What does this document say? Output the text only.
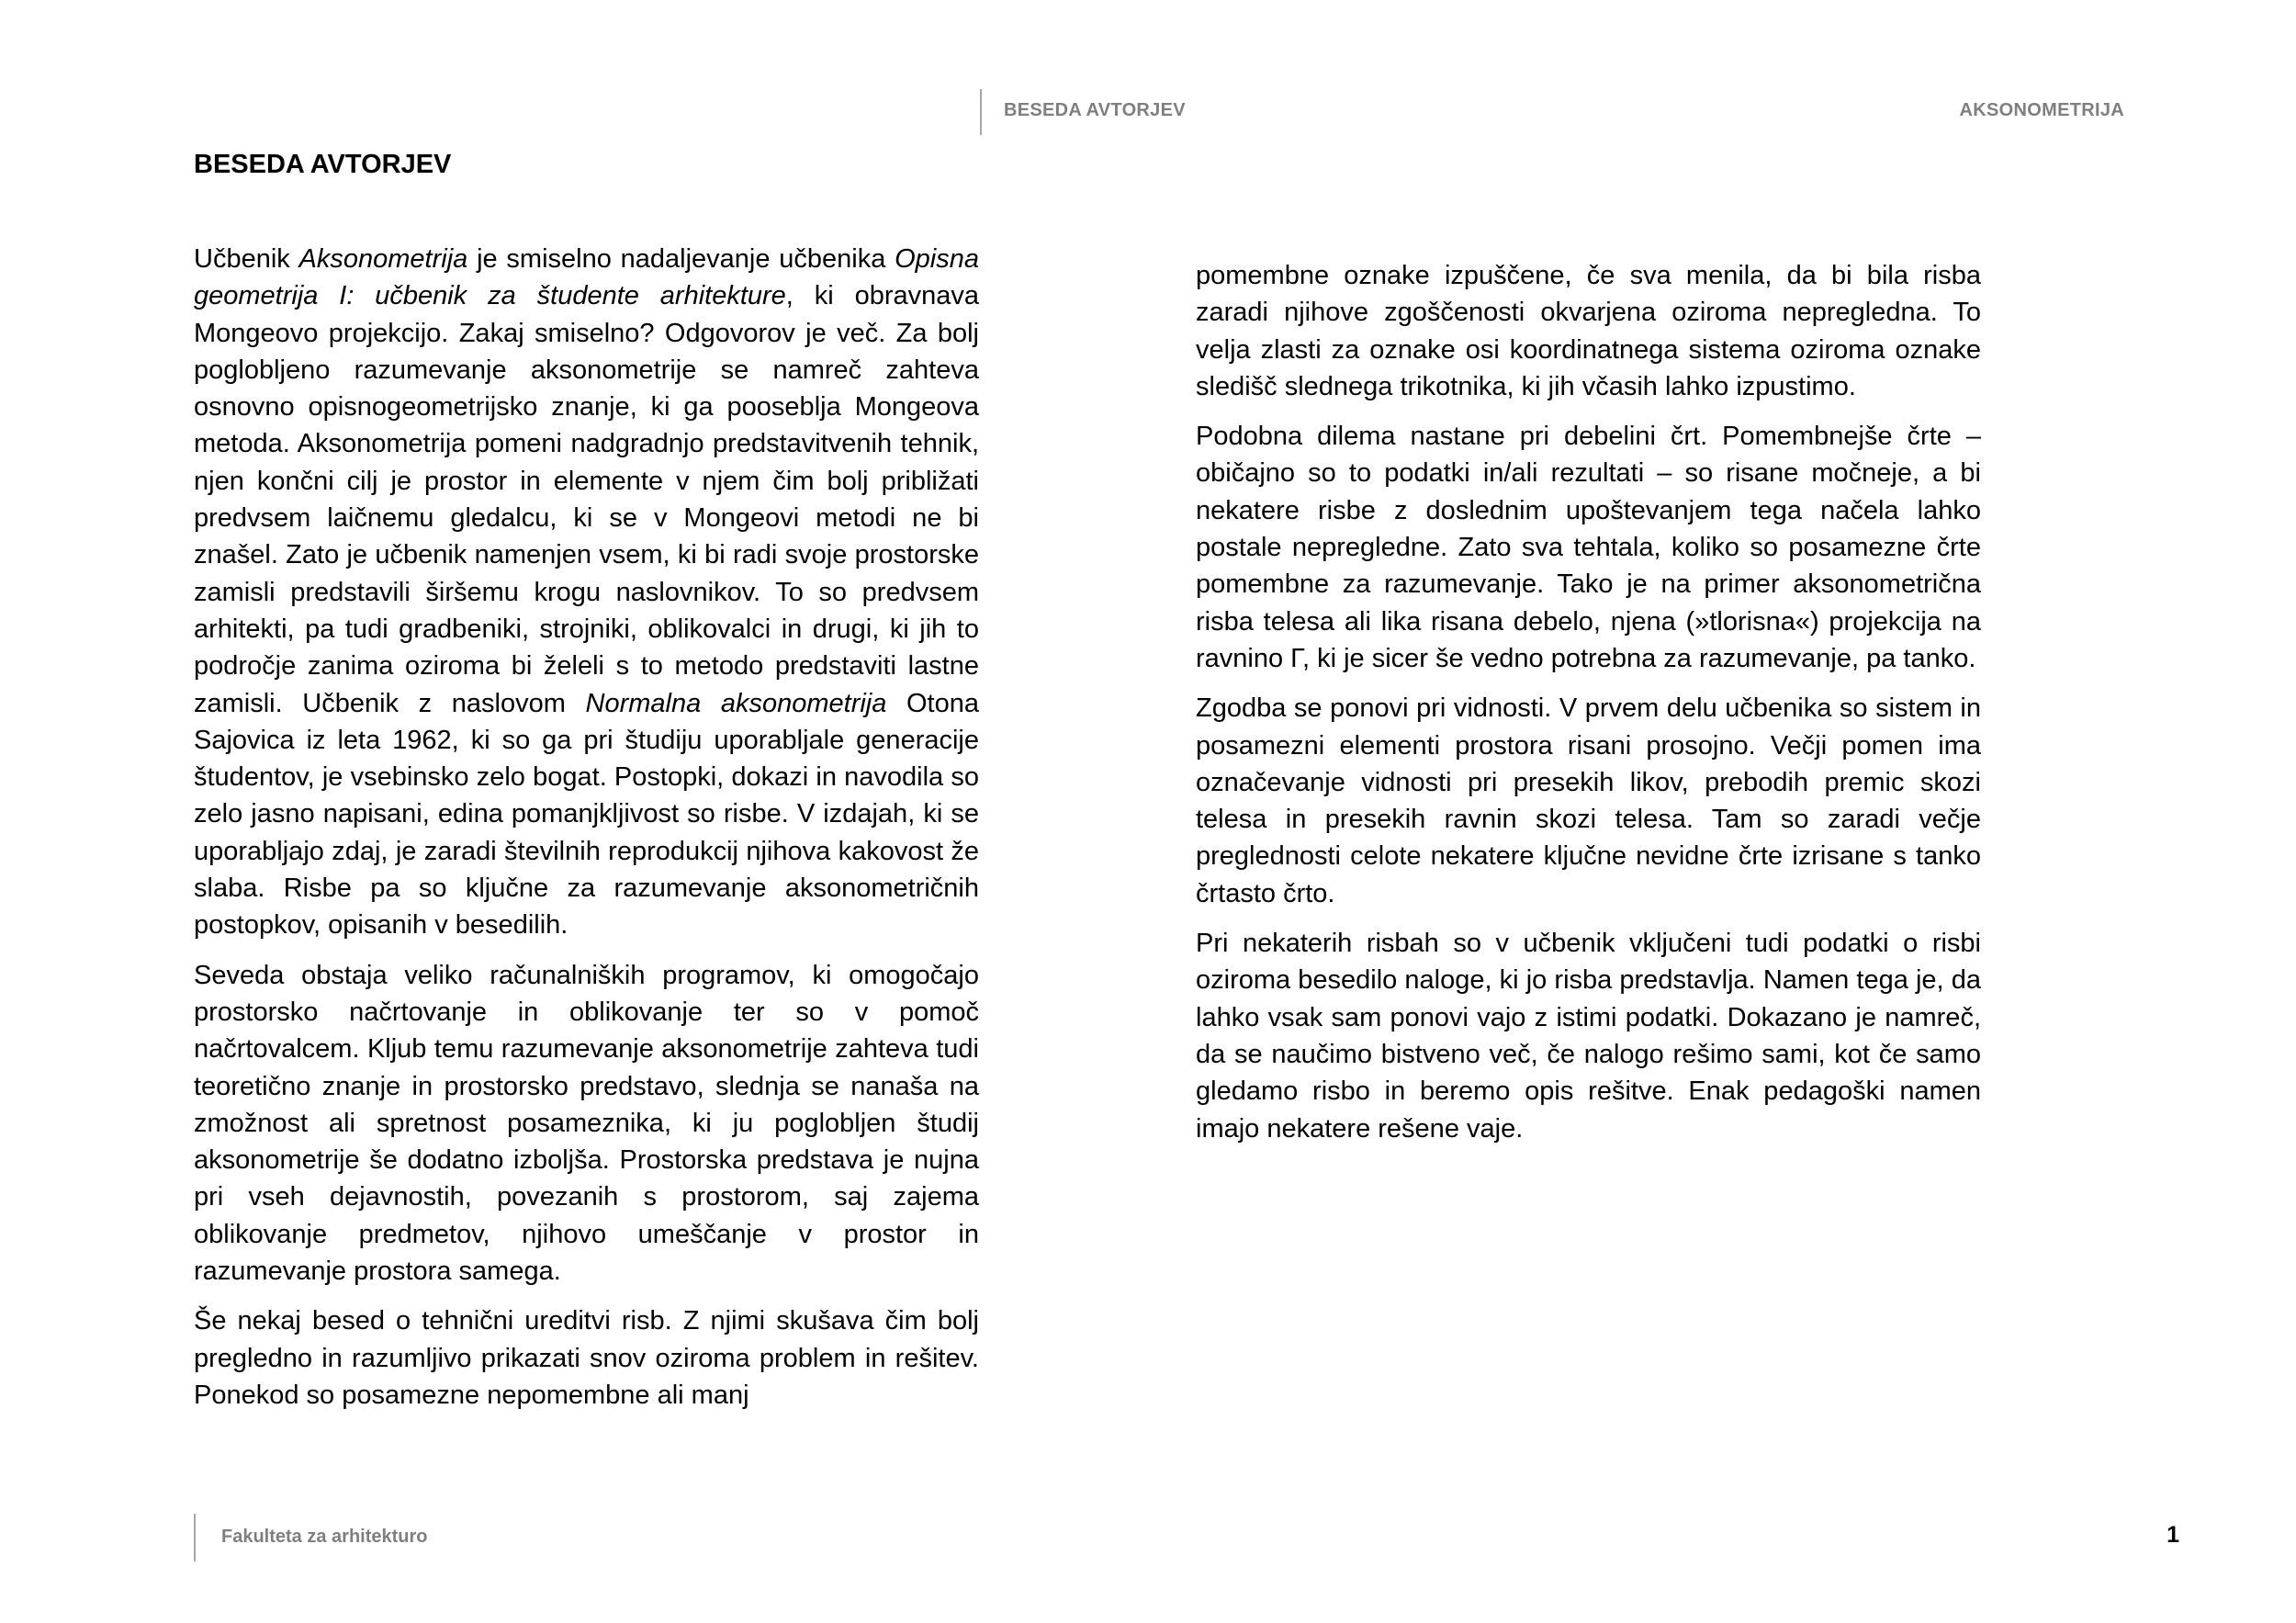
BESEDA AVTORJEV	AKSONOMETRIJA
BESEDA AVTORJEV

Učbenik Aksonometrija je smiselno nadaljevanje učbenika Opisna geometrija I: učbenik za študente arhitekture, ki obravnava Mongeovo projekcijo. Zakaj smiselno? Odgovorov je več. Za bolj poglobljeno razumevanje aksonometrije se namreč zahteva osnovno opisnogeometrijsko znanje, ki ga poosebljа Mongeova metoda. Aksonometrija pomeni nadgradnjo predstavitvenih tehnik, njen končni cilj je prostor in elemente v njem čim bolj približati predvsem laičnemu gledalcu, ki se v Mongeovi metodi ne bi znašel. Zato je učbenik namenjen vsem, ki bi radi svoje prostorske zamisli predstavili širšemu krogu naslovnikov. To so predvsem arhitekti, pa tudi gradbeniki, strojniki, oblikovalci in drugi, ki jih to področje zanima oziroma bi želeli s to metodo predstaviti lastne zamisli. Učbenik z naslovom Normalna aksonometrija Otona Sajovica iz leta 1962, ki so ga pri študiju uporabljale generacije študentov, je vsebinsko zelo bogat. Postopki, dokazi in navodila so zelo jasno napisani, edina pomanjkljivost so risbe. V izdajah, ki se uporabljajo zdaj, je zaradi številnih reprodukcij njihova kakovost že slaba. Risbe pa so ključne za razumevanje aksonometričnih postopkov, opisanih v besedilih.

Seveda obstaja veliko računalniških programov, ki omogočajo prostorsko načrtovanje in oblikovanje ter so v pomoč načrtovalcem. Kljub temu razumevanje aksonometrije zahteva tudi teoretično znanje in prostorsko predstavo, slednja se nanaša na zmožnost ali spretnost posameznika, ki ju poglobljen študij aksonometrije še dodatno izboljša. Prostorska predstava je nujna pri vseh dejavnostih, povezanih s prostorom, saj zajema oblikovanje predmetov, njihovo umeščanje v prostor in razumevanje prostora samega.

Še nekaj besed o tehnični ureditvi risb. Z njimi skušava čim bolj pregledno in razumljivo prikazati snov oziroma problem in rešitev. Ponekod so posamezne nepomembne ali manj

pomembne oznake izpuščene, če sva menila, da bi bila risba zaradi njihove zgoščenosti okvarjena oziroma nepregledna. To velja zlasti za oznake osi koordinatnega sistema oziroma oznake sledišč slednega trikotnika, ki jih včasih lahko izpustimo.

Podobna dilema nastane pri debelini črt. Pomembnejše črte – običajno so to podatki in/ali rezultati – so risane močneje, a bi nekatere risbe z doslednim upoštevanjem tega načela lahko postale nepregledne. Zato sva tehtala, koliko so posamezne črte pomembne za razumevanje. Tako je na primer aksonometrična risba telesa ali lika risana debelo, njena (»tlorisna«) projekcija na ravnino Γ, ki je sicer še vedno potrebna za razumevanje, pa tanko.

Zgodba se ponovi pri vidnosti. V prvem delu učbenika so sistem in posamezni elementi prostora risani prosojno. Večji pomen ima označevanje vidnosti pri presekih likov, prebodih premic skozi telesa in presekih ravnin skozi telesa. Tam so zaradi večje preglednosti celote nekatere ključne nevidne črte izrisane s tanko črtasto črto.

Pri nekaterih risbah so v učbenik vključeni tudi podatki o risbi oziroma besedilo naloge, ki jo risba predstavlja. Namen tega je, da lahko vsak sam ponovi vajo z istimi podatki. Dokazano je namreč, da se naučimo bistveno več, če nalogo rešimo sami, kot če samo gledamo risbo in beremo opis rešitve. Enak pedagoški namen imajo nekatere rešene vaje.

Fakulteta za arhitekturo	1
